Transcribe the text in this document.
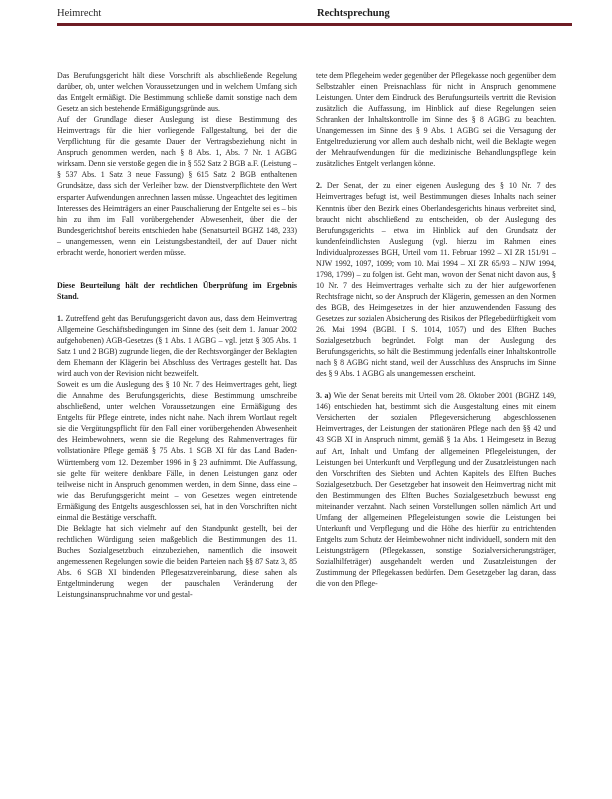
Heimrecht	Rechtsprechung

Das Berufungsgericht hält diese Vorschrift als abschließende Regelung darüber, ob, unter welchen Voraussetzungen und in welchem Umfang sich das Entgelt ermäßigt. Die Bestimmung schließe damit sonstige nach dem Gesetz an sich bestehende Ermäßigungsgründe aus.

Auf der Grundlage dieser Auslegung ist diese Bestimmung des Heimvertrags für die hier vorliegende Fallgestaltung, bei der die Verpflichtung für die gesamte Dauer der Vertragsbeziehung nicht in Anspruch genommen werden, nach § 8 Abs. 1, Abs. 7 Nr. 1 AGBG wirksam. Denn sie verstoße gegen die in § 552 Satz 2 BGB a.F. (Leistung – § 537 Abs. 1 Satz 3 neue Fassung) § 615 Satz 2 BGB enthaltenen Grundsätze, dass sich der Verleiher bzw. der Dienstverpflichtete den Wert ersparter Aufwendungen anrechnen lassen müsse. Ungeachtet des legitimen Interesses des Heimträgers an einer Pauschalierung der Entgelte sei es – bis hin zu ihm im Fall vorübergehender Abwesenheit, über die der Bundesgerichtshof bereits entschieden habe (Senatsurteil BGHZ 148, 233) – unangemessen, wenn ein Leistungsbestandteil, der auf Dauer nicht erbracht werde, honoriert werden müsse.

Diese Beurteilung hält der rechtlichen Überprüfung im Ergebnis Stand.

1. Zutreffend geht das Berufungsgericht davon aus, dass dem Heimvertrag Allgemeine Geschäftsbedingungen im Sinne des (seit dem 1. Januar 2002 aufgehobenen) AGB-Gesetzes (§ 1 Abs. 1 AGBG – vgl. jetzt § 305 Abs. 1 Satz 1 und 2 BGB) zugrunde liegen, die der Rechtsvorgänger der Beklagten dem Ehemann der Klägerin bei Abschluss des Vertrages gestellt hat. Das wird auch von der Revision nicht bezweifelt.

Soweit es um die Auslegung des § 10 Nr. 7 des Heimvertrages geht, liegt die Annahme des Berufungsgerichts, diese Bestimmung umschreibe abschließend, unter welchen Voraussetzungen eine Ermäßigung des Entgelts für Pflege eintrete, indes nicht nahe. Nach ihrem Wortlaut regelt sie die Vergütungspflicht für den Fall einer vorübergehenden Abwesenheit des Heimbewohners, wenn sie die Regelung des Rahmenvertrages für vollstationäre Pflege gemäß § 75 Abs. 1 SGB XI für das Land Baden-Württemberg vom 12. Dezember 1996 in § 23 aufnimmt. Die Auffassung, sie gelte für weitere denkbare Fälle, in denen Leistungen ganz oder teilweise nicht in Anspruch genommen werden, in dem Sinne, dass eine – wie das Berufungsgericht meint – von Gesetzes wegen eintretende Ermäßigung des Entgelts ausgeschlossen sei, hat in den Vorschriften nicht einmal die Bestätige verschafft.

Die Beklagte hat sich vielmehr auf den Standpunkt gestellt, bei der rechtlichen Würdigung seien maßgeblich die Bestimmungen des 11. Buches Sozialgesetzbuch einzubeziehen, namentlich die insoweit angemessenen Regelungen sowie die beiden Parteien nach §§ 87 Satz 3, 85 Abs. 6 SGB XI bindenden Pflegesatzvereinbarung, diese sahen als Entgeltminderung wegen der pauschalen Veränderung der Leistungsinanspruchnahme vor und gestal-

tete dem Pflegeheim weder gegenüber der Pflegekasse noch gegenüber dem Selbstzahler einen Preisnachlass für nicht in Anspruch genommene Leistungen. Unter dem Eindruck des Berufungsurteils vertritt die Revision zusätzlich die Auffassung, im Hinblick auf diese Regelungen seien Schranken der Inhaltskontrolle im Sinne des § 8 AGBG zu beachten. Unangemessen im Sinne des § 9 Abs. 1 AGBG sei die Versagung der Entgeltreduzierung vor allem auch deshalb nicht, weil die Beklagte wegen der Mehraufwendungen für die medizinische Behandlungspflege kein zusätzliches Entgelt verlangen könne.

2. Der Senat, der zu einer eigenen Auslegung des § 10 Nr. 7 des Heimvertrages befugt ist, weil Bestimmungen dieses Inhalts nach seiner Kenntnis über den Bezirk eines Oberlandesgerichts hinaus verbreitet sind, braucht nicht abschließend zu entscheiden, ob der Auslegung des Berufungsgerichts – etwa im Hinblick auf den Grundsatz der kundenfeindlichsten Auslegung (vgl. hierzu im Rahmen eines Individualprozesses BGH, Urteil vom 11. Februar 1992 – XI ZR 151/91 – NJW 1992, 1097, 1099; vom 10. Mai 1994 – XI ZR 65/93 – NJW 1994, 1798, 1799) – zu folgen ist. Geht man, wovon der Senat nicht davon aus, § 10 Nr. 7 des Heimvertrages verhalte sich zu der hier aufgeworfenen Rechtsfrage nicht, so der Anspruch der Klägerin, gemessen an den Normen des BGB, des Heimgesetzes in der hier anzuwendenden Fassung des Gesetzes zur sozialen Absicherung des Risikos der Pflegebedürftigkeit vom 26. Mai 1994 (BGBl. I S. 1014, 1057) und des Elften Buches Sozialgesetzbuch begründet. Folgt man der Auslegung des Berufungsgerichts, so hält die Bestimmung jedenfalls einer Inhaltskontrolle nach § 8 AGBG nicht stand, weil der Ausschluss des Anspruchs im Sinne des § 9 Abs. 1 AGBG als unangemessen erscheint.

3. a) Wie der Senat bereits mit Urteil vom 28. Oktober 2001 (BGHZ 149, 146) entschieden hat, bestimmt sich die Ausgestaltung eines mit einem Versicherten der sozialen Pflegeversicherung abgeschlossenen Heimvertrages, der Leistungen der stationären Pflege nach den §§ 42 und 43 SGB XI in Anspruch nimmt, gemäß § 1a Abs. 1 Heimgesetz in Bezug auf Art, Inhalt und Umfang der allgemeinen Pflegeleistungen, der Leistungen bei Unterkunft und Verpflegung und der Zusatzleistungen nach den Vorschriften des Siebten und Achten Kapitels des Elften Buches Sozialgesetzbuch. Der Gesetzgeber hat insoweit den Heimvertrag nicht mit den Bestimmungen des Elften Buches Sozialgesetzbuch bewusst eng miteinander verzahnt. Nach seinen Vorstellungen sollen nämlich Art und Umfang der allgemeinen Pflegeleistungen sowie die Leistungen bei Unterkunft und Verpflegung und die Höhe des hierfür zu entrichtenden Entgelts zum Schutz der Heimbewohner nicht individuell, sondern mit den Leistungsträgern (Pflegekassen, sonstige Sozialversicherungsträger, Sozialhilfeträger) ausgehandelt werden und Zusatzleistungen der Zustimmung der Pflegekassen bedürfen. Dem Gesetzgeber lag daran, dass die von den Pflege-
